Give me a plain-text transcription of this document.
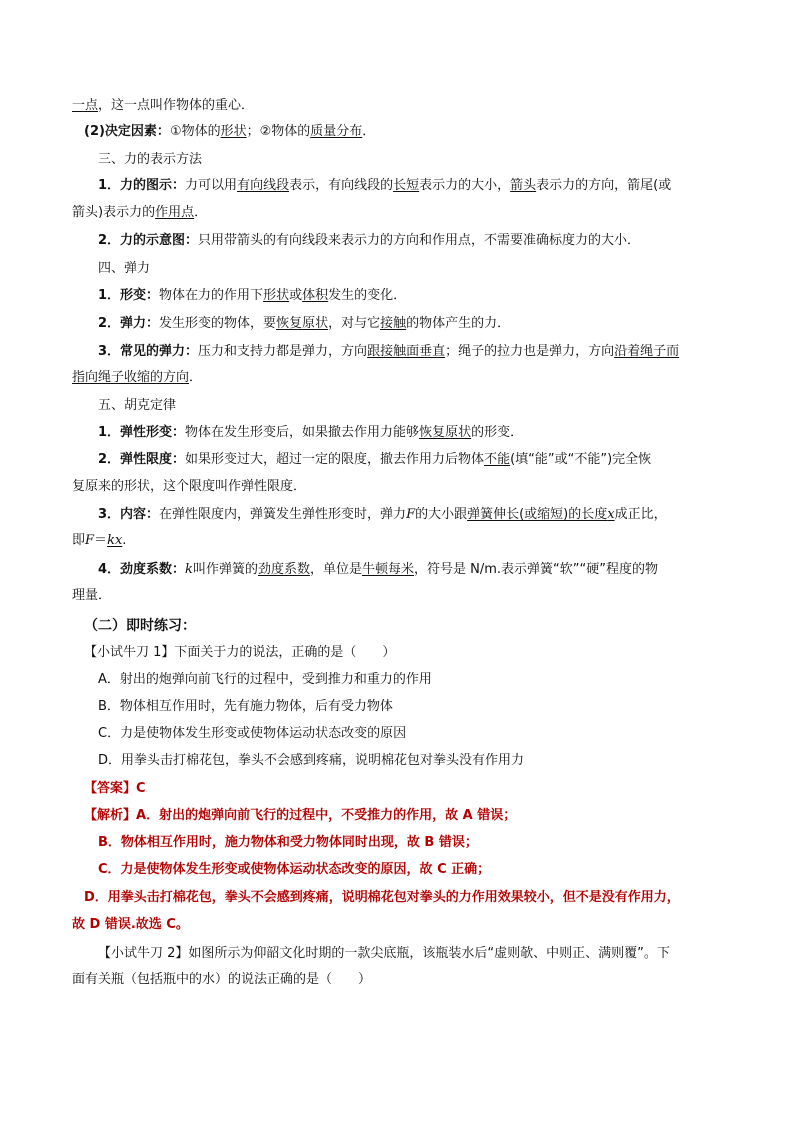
一点，这一点叫作物体的重心．
(2)决定因素：①物体的形状；②物体的质量分布．
三、力的表示方法
1．力的图示：力可以用有向线段表示，有向线段的长短表示力的大小，箭头表示力的方向，箭尾(或
箭头)表示力的作用点．
2．力的示意图：只用带箭头的有向线段来表示力的方向和作用点，不需要准确标度力的大小．
四、弹力
1．形变：物体在力的作用下形状或体积发生的变化．
2．弹力：发生形变的物体，要恢复原状，对与它接触的物体产生的力．
3．常见的弹力：压力和支持力都是弹力，方向跟接触面垂直；绳子的拉力也是弹力，方向沿着绳子而
指向绳子收缩的方向．
五、胡克定律
1．弹性形变：物体在发生形变后，如果撤去作用力能够恢复原状的形变．
2．弹性限度：如果形变过大，超过一定的限度，撤去作用力后物体不能(填“能”或“不能”)完全恢
复原来的形状，这个限度叫作弹性限度．
3．内容：在弹性限度内，弹簧发生弹性形变时，弹力F的大小跟弹簧伸长(或缩短)的长度x成正比，
即F＝kx.
4．劲度系数：k叫作弹簧的劲度系数，单位是牛顿每米，符号是 N/m.表示弹簧“软”“硬”程度的物
理量．
（二）即时练习：
【小试牛刀 1】下面关于力的说法，正确的是（　　）
A．射出的炮弹向前飞行的过程中，受到推力和重力的作用
B．物体相互作用时，先有施力物体，后有受力物体
C．力是使物体发生形变或使物体运动状态改变的原因
D．用拳头击打棉花包，拳头不会感到疼痛，说明棉花包对拳头没有作用力
【答案】C
【解析】A．射出的炮弹向前飞行的过程中，不受推力的作用，故 A 错误；
B．物体相互作用时，施力物体和受力物体同时出现，故 B 错误；
C．力是使物体发生形变或使物体运动状态改变的原因，故 C 正确；
D．用拳头击打棉花包，拳头不会感到疼痛，说明棉花包对拳头的力作用效果较小，但不是没有作用力，
故 D 错误.故选 C。
【小试牛刀 2】如图所示为仰韶文化时期的一款尖底瓶，该瓶装水后“虚则欹、中则正、满则覆”。下
面有关瓶（包括瓶中的水）的说法正确的是（　　）
